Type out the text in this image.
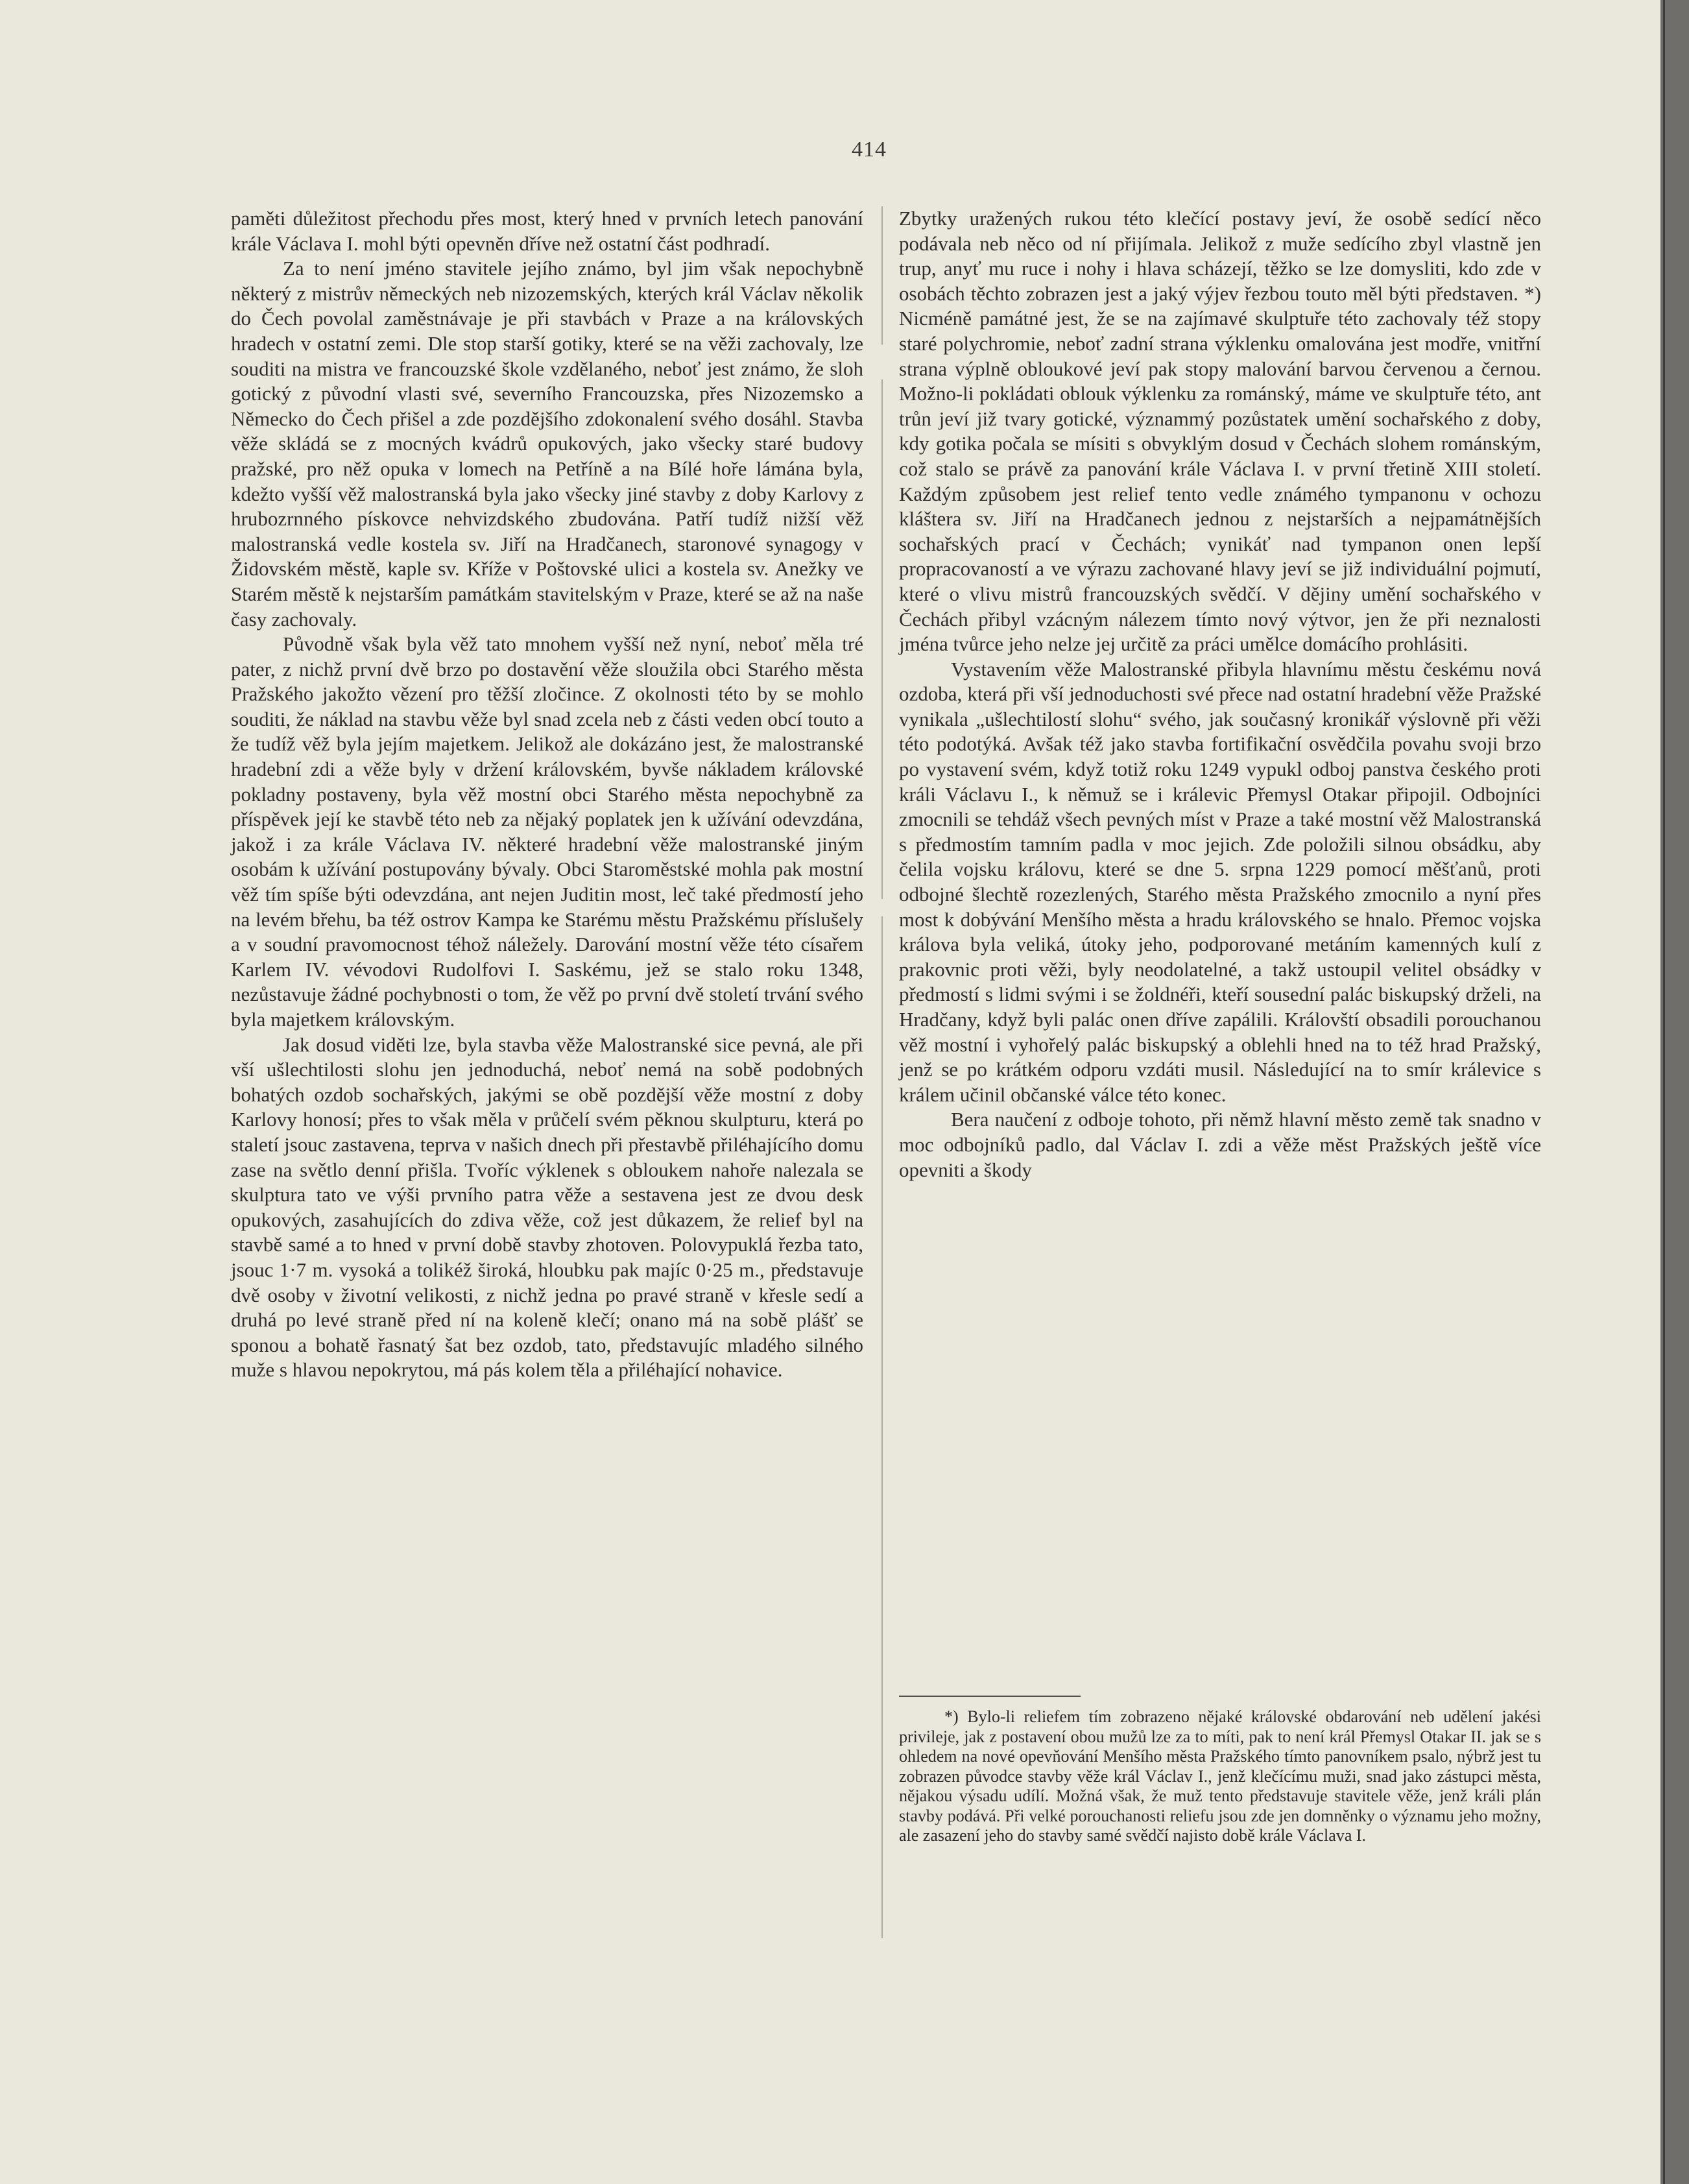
414

paměti důležitost přechodu přes most, který hned v prvních letech panování krále Václava I. mohl býti opevněn dříve než ostatní část podhradí.

Za to není jméno stavitele jejího známo, byl jim však nepochybně některý z mistrův německých neb nizozemských, kterých král Václav několik do Čech povolal zaměstnávaje je při stavbách v Praze a na královských hradech v ostatní zemi. Dle stop starší gotiky, které se na věži zachovaly, lze souditi na mistra ve francouzské škole vzdělaného, neboť jest známo, že sloh gotický z původní vlasti své, severního Francouzska, přes Nizozemsko a Německo do Čech přišel a zde pozdějšího zdokonalení svého dosáhl. Stavba věže skládá se z mocných kvádrů opukových, jako všecky staré budovy pražské, pro něž opuka v lomech na Petříně a na Bílé hoře lámána byla, kdežto vyšší věž malostranská byla jako všecky jiné stavby z doby Karlovy z hrubozrnného pískovce nehvizdského zbudována. Patří tudíž nižší věž malostranská vedle kostela sv. Jiří na Hradčanech, staronové synagogy v Židovském městě, kaple sv. Kříže v Poštovské ulici a kostela sv. Anežky ve Starém městě k nejstarším památkám stavitelským v Praze, které se až na naše časy zachovaly.

Původně však byla věž tato mnohem vyšší než nyní, neboť měla tré pater, z nichž první dvě brzo po dostavění věže sloužila obci Starého města Pražského jakožto vězení pro těžší zločince. Z okolnosti této by se mohlo souditi, že náklad na stavbu věže byl snad zcela neb z části veden obcí touto a že tudíž věž byla jejím majetkem. Jelikož ale dokázáno jest, že malostranské hradební zdi a věže byly v držení královském, byvše nákladem královské pokladny postaveny, byla věž mostní obci Starého města nepochybně za příspěvek její ke stavbě této neb za nějaký poplatek jen k užívání odevzdána, jakož i za krále Václava IV. některé hradební věže malostranské jiným osobám k užívání postupovány bývaly. Obci Staroměstské mohla pak mostní věž tím spíše býti odevzdána, ant nejen Juditin most, leč také předmostí jeho na levém břehu, ba též ostrov Kampa ke Starému městu Pražskému příslušely a v soudní pravomocnost téhož náležely. Darování mostní věže této císařem Karlem IV. vévodovi Rudolfovi I. Saskému, jež se stalo roku 1348, nezůstavuje žádné pochybnosti o tom, že věž po první dvě století trvání svého byla majetkem královským.

Jak dosud viděti lze, byla stavba věže Malostranské sice pevná, ale při vší ušlechtilosti slohu jen jednoduchá, neboť nemá na sobě podobných bohatých ozdob sochařských, jakými se obě pozdější věže mostní z doby Karlovy honosí; přes to však měla v průčelí svém pěknou skulpturu, která po staletí jsouc zastavena, teprva v našich dnech při přestavbě přiléhajícího domu zase na světlo denní přišla. Tvoříc výklenek s obloukem nahoře nalezala se skulptura tato ve výši prvního patra věže a sestavena jest ze dvou desk opukových, zasahujících do zdiva věže, což jest důkazem, že relief byl na stavbě samé a to hned v první době stavby zhotoven. Polovypuklá řezba tato, jsouc 1·7 m. vysoká a tolikéž široká, hloubku pak majíc 0·25 m., představuje dvě osoby v životní velikosti, z nichž jedna po pravé straně v křesle sedí a druhá po levé straně před ní na koleně klečí; onano má na sobě plášť se sponou a bohatě řasnatý šat bez ozdob, tato, představujíc mladého silného muže s hlavou nepokrytou, má pás kolem těla a přiléhající nohavice.

Zbytky uražených rukou této klečící postavy jeví, že osobě sedící něco podávala neb něco od ní přijímala. Jelikož z muže sedícího zbyl vlastně jen trup, anyť mu ruce i nohy i hlava scházejí, těžko se lze domysliti, kdo zde v osobách těchto zobrazen jest a jaký výjev řezbou touto měl býti představen. *) Nicméně památné jest, že se na zajímavé skulptuře této zachovaly též stopy staré polychromie, neboť zadní strana výklenku omalována jest modře, vnitřní strana výplně obloukové jeví pak stopy malování barvou červenou a černou. Možno-li pokládati oblouk výklenku za románský, máme ve skulptuře této, ant trůn jeví již tvary gotické, význammý pozůstatek umění sochařského z doby, kdy gotika počala se mísiti s obvyklým dosud v Čechách slohem románským, což stalo se právě za panování krále Václava I. v první třetině XIII století. Každým způsobem jest relief tento vedle známého tympanonu v ochozu kláštera sv. Jiří na Hradčanech jednou z nejstarších a nejpamátnějších sochařských prací v Čechách; vynikáť nad tympanon onen lepší propracovaností a ve výrazu zachované hlavy jeví se již individuální pojmutí, které o vlivu mistrů francouzských svědčí. V dějiny umění sochařského v Čechách přibyl vzácným nálezem tímto nový výtvor, jen že při neznalosti jména tvůrce jeho nelze jej určitě za práci umělce domácího prohlásiti.

Vystavením věže Malostranské přibyla hlavnímu městu českému nová ozdoba, která při vší jednoduchosti své přece nad ostatní hradební věže Pražské vynikala „ušlechtilostí slohu“ svého, jak současný kronikář výslovně při věži této podotýká. Avšak též jako stavba fortifikační osvědčila povahu svoji brzo po vystavení svém, když totiž roku 1249 vypukl odboj panstva českého proti králi Václavu I., k němuž se i králevic Přemysl Otakar připojil. Odbojníci zmocnili se tehdáž všech pevných míst v Praze a také mostní věž Malostranská s předmostím tamním padla v moc jejich. Zde položili silnou obsádku, aby čelila vojsku královu, které se dne 5. srpna 1229 pomocí měšťanů, proti odbojné šlechtě rozezlených, Starého města Pražského zmocnilo a nyní přes most k dobývání Menšího města a hradu královského se hnalo. Přemoc vojska králova byla veliká, útoky jeho, podporované metáním kamenných kulí z prakovnic proti věži, byly neodolatelné, a takž ustoupil velitel obsádky v předmostí s lidmi svými i se žoldnéři, kteří sousední palác biskupský drželi, na Hradčany, když byli palác onen dříve zapálili. Královští obsadili porouchanou věž mostní i vyhořelý palác biskupský a oblehli hned na to též hrad Pražský, jenž se po krátkém odporu vzdáti musil. Následující na to smír králevice s králem učinil občanské válce této konec.

Bera naučení z odboje tohoto, při němž hlavní město země tak snadno v moc odbojníků padlo, dal Václav I. zdi a věže měst Pražských ještě více opevniti a škody

*) Bylo-li reliefem tím zobrazeno nějaké královské obdarování neb udělení jakési privileje, jak z postavení obou mužů lze za to míti, pak to není král Přemysl Otakar II. jak se s ohledem na nové opevňování Menšího města Pražského tímto panovníkem psalo, nýbrž jest tu zobrazen původce stavby věže král Václav I., jenž klečícímu muži, snad jako zástupci města, nějakou výsadu udílí. Možná však, že muž tento představuje stavitele věže, jenž králi plán stavby podává. Při velké porouchanosti reliefu jsou zde jen domněnky o významu jeho možny, ale zasazení jeho do stavby samé svědčí najisto době krále Václava I.
